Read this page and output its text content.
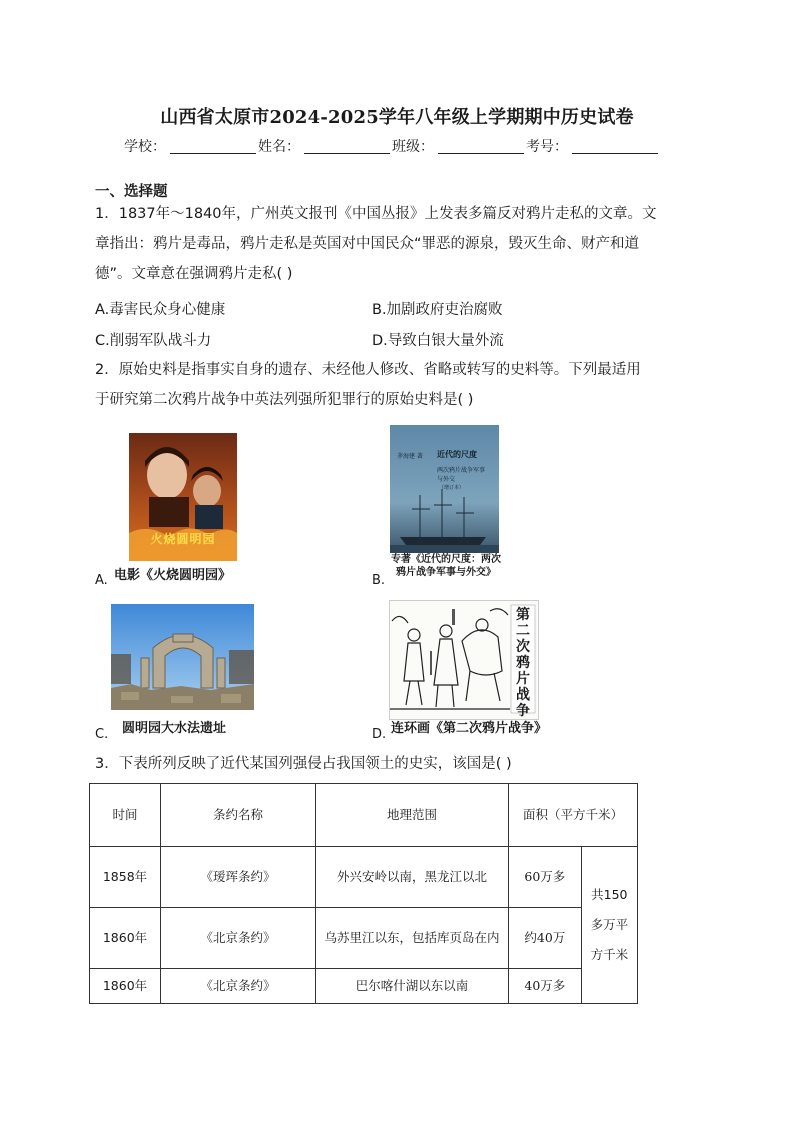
山西省太原市2024-2025学年八年级上学期期中历史试卷
学校：	姓名：	班级：	考号：
一、选择题
1．1837年～1840年，广州英文报刊《中国丛报》上发表多篇反对鸦片走私的文章。文
章指出：鸦片是毒品，鸦片走私是英国对中国民众“罪恶的源泉，毁灭生命、财产和道
德”。文章意在强调鸦片走私( )
A.毒害民众身心健康	B.加剧政府吏治腐败
C.削弱军队战斗力	D.导致白银大量外流
2．原始史料是指事实自身的遗存、未经他人修改、省略或转写的史料等。下列最适用
于研究第二次鸦片战争中英法列强所犯罪行的原始史料是( )
火烧圆明园
A. 电影《火烧圆明园》
茅海建 著 近代的尺度
两次鸦片战争军事
与外交
（增订本）
B.
专著《近代的尺度：两次
鸦片战争军事与外交》
C. 圆明园大水法遗址
第二次鸦片战争
D. 连环画《第二次鸦片战争》
3．下表所列反映了近代某国列强侵占我国领土的史实，该国是( )
时间	条约名称	地理范围	面积（平方千米）	
1858年	《瑷珲条约》	外兴安岭以南，黑龙江以北	60万多	共150多万平方千米
1860年	《北京条约》	乌苏里江以东，包括库页岛在内	约40万	
1860年	《北京条约》	巴尔喀什湖以东以南	40万多	
